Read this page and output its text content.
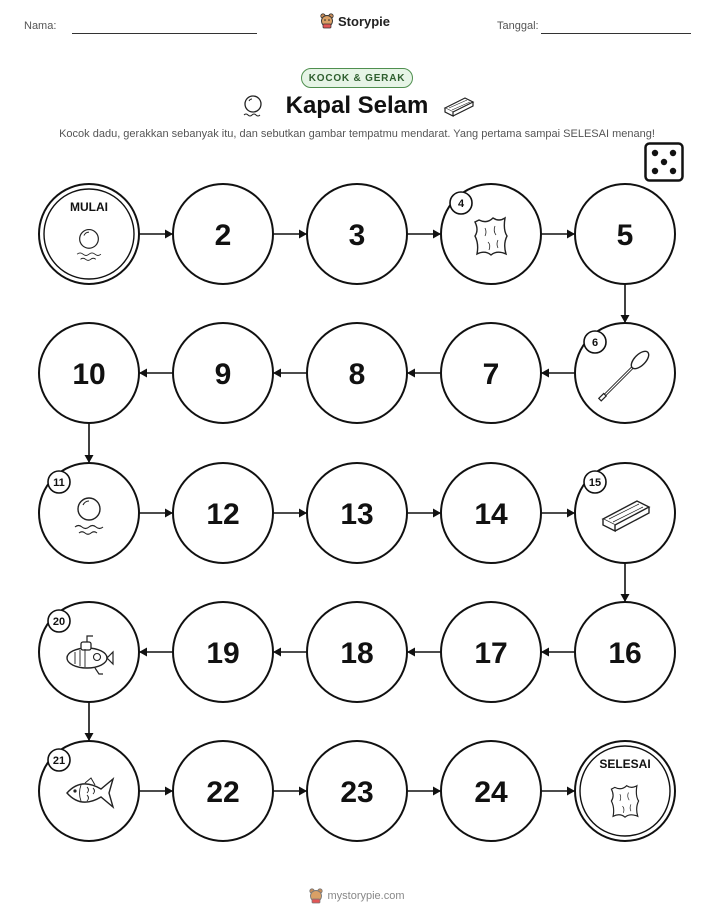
Nama:	Storypie	Tanggal:
KOCOK & GERAK
Kapal Selam
Kocok dadu, gerakkan sebanyak itu, dan sebutkan gambar tempatmu mendarat. Yang pertama sampai SELESAI menang!
MULAI
2	3
4
5
6
7
8
9
10
11
12	13	14
15
16
17
18
19
20
21
22	23	24
SELESAI
mystorypie.com
